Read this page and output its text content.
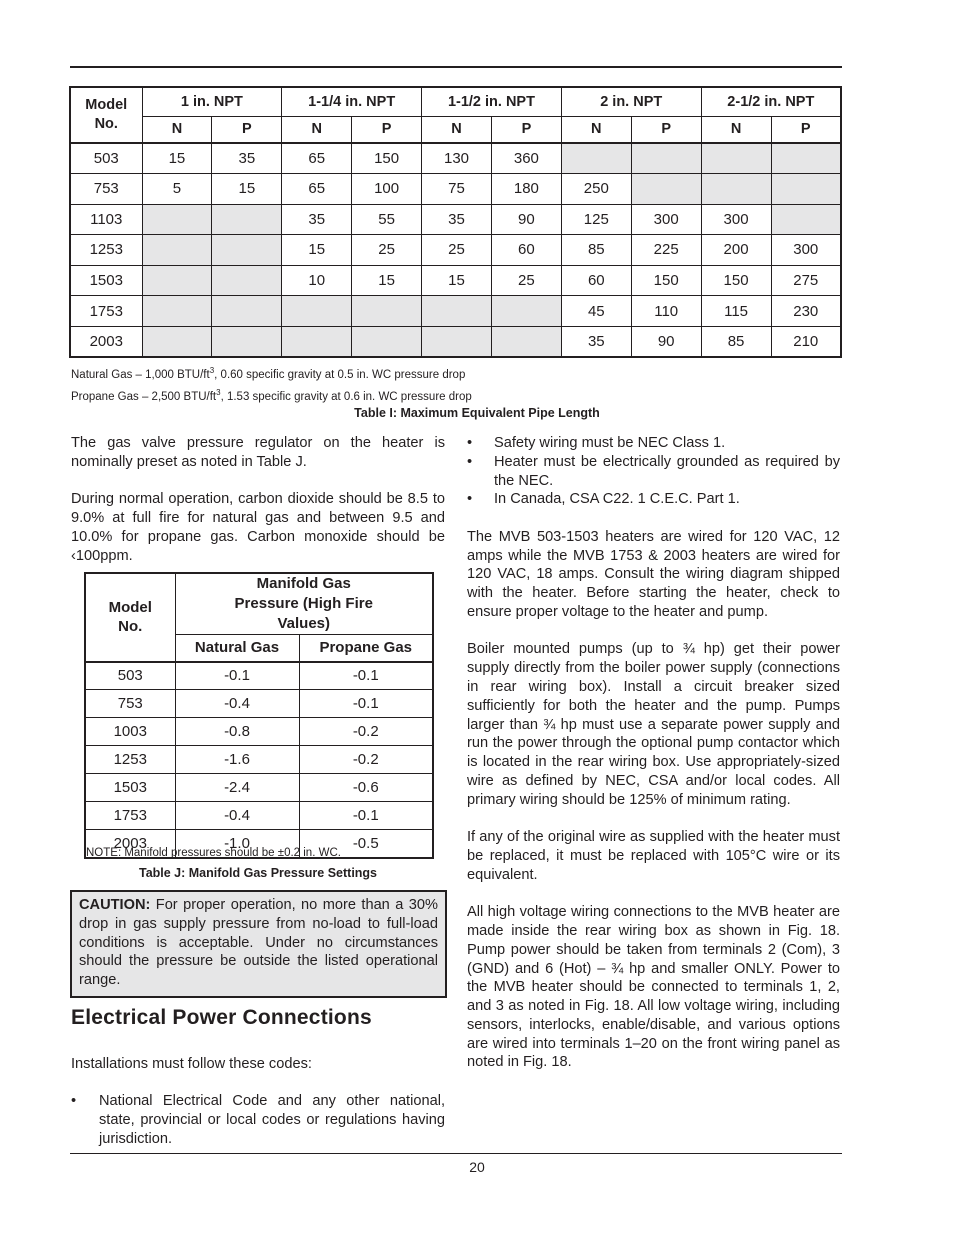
Model No.	1 in. NPT		1-1/4 in. NPT		1-1/2 in. NPT		2 in. NPT		2-1/2 in. NPT	
	N	P	N	P	N	P	N	P	N	P
503	15	35	65	150	130	360				
753	5	15	65	100	75	180	250			
1103			35	55	35	90	125	300	300	
1253			15	25	25	60	85	225	200	300
1503			10	15	15	25	60	150	150	275
1753							45	110	115	230
2003							35	90	85	210
Natural Gas – 1,000 BTU/$ft^3$, 0.60 specific gravity at 0.5 in. WC pressure drop
Propane Gas – 2,500 BTU/$ft^3$, 1.53 specific gravity at 0.6 in. WC pressure drop
Table I: Maximum Equivalent Pipe Length

The gas valve pressure regulator on the heater is nominally preset as noted in Table J.

During normal operation, carbon dioxide should be 8.5 to 9.0% at full fire for natural gas and between 9.5 and 10.0% for propane gas. Carbon monoxide should be ‹100ppm.

Model No.	Manifold Gas Pressure (High Fire Values)	
	Natural Gas	Propane Gas
503	-0.1	-0.1
753	-0.4	-0.1
1003	-0.8	-0.2
1253	-1.6	-0.2
1503	-2.4	-0.6
1753	-0.4	-0.1
2003	-1.0	-0.5
NOTE: Manifold pressures should be ±0.2 in. WC.
Table J: Manifold Gas Pressure Settings
CAUTION: For proper operation, no more than a 30% drop in gas supply pressure from no-load to full-load conditions is acceptable. Under no circumstances should the pressure be outside the listed operational range.
Electrical Power Connections

Installations must follow these codes:

• National Electrical Code and any other national, state, provincial or local codes or regulations having jurisdiction.
• Safety wiring must be NEC Class 1.
• Heater must be electrically grounded as required by the NEC.
• In Canada, CSA C22. 1 C.E.C. Part 1.

The MVB 503-1503 heaters are wired for 120 VAC, 12 amps while the MVB 1753 & 2003 heaters are wired for 120 VAC, 18 amps. Consult the wiring diagram shipped with the heater. Before starting the heater, check to ensure proper voltage to the heater and pump.

Boiler mounted pumps (up to ¾ hp) get their power supply directly from the boiler power supply (connections in rear wiring box). Install a circuit breaker sized sufficiently for both the heater and the pump. Pumps larger than ¾ hp must use a separate power supply and run the power through the optional pump contactor which is located in the rear wiring box. Use appropriately-sized wire as defined by NEC, CSA and/or local codes. All primary wiring should be 125% of minimum rating.

If any of the original wire as supplied with the heater must be replaced, it must be replaced with 105°C wire or its equivalent.

All high voltage wiring connections to the MVB heater are made inside the rear wiring box as shown in Fig. 18. Pump power should be taken from terminals 2 (Com), 3 (GND) and 6 (Hot) – ¾ hp and smaller ONLY. Power to the MVB heater should be connected to terminals 1, 2, and 3 as noted in Fig. 18. All low voltage wiring, including sensors, interlocks, enable/disable, and various options are wired into terminals 1–20 on the front wiring panel as noted in Fig. 18.

20
